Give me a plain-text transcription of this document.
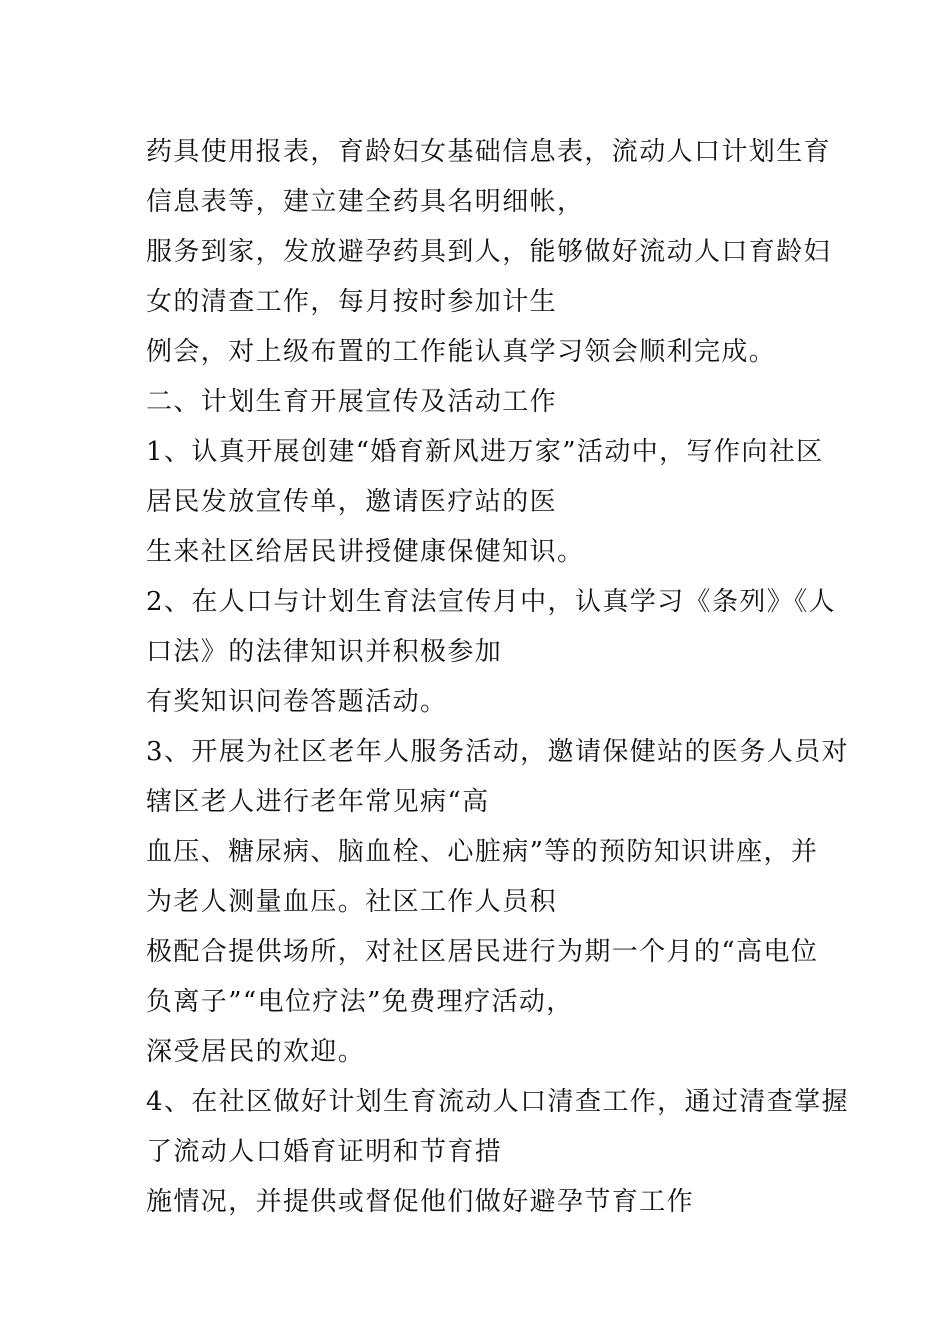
药具使用报表，育龄妇女基础信息表，流动人口计划生育
信息表等，建立建全药具名明细帐，
服务到家，发放避孕药具到人，能够做好流动人口育龄妇
女的清查工作，每月按时参加计生
例会，对上级布置的工作能认真学习领会顺利完成。
二、计划生育开展宣传及活动工作
1、认真开展创建“婚育新风进万家”活动中，写作向社区
居民发放宣传单，邀请医疗站的医
生来社区给居民讲授健康保健知识。
2、在人口与计划生育法宣传月中，认真学习《条列》《人
口法》的法律知识并积极参加
有奖知识问卷答题活动。
3、开展为社区老年人服务活动，邀请保健站的医务人员对
辖区老人进行老年常见病“高
血压、糖尿病、脑血栓、心脏病”等的预防知识讲座，并
为老人测量血压。社区工作人员积
极配合提供场所，对社区居民进行为期一个月的“高电位
负离子”“电位疗法”免费理疗活动，
深受居民的欢迎。
4、在社区做好计划生育流动人口清查工作，通过清查掌握
了流动人口婚育证明和节育措
施情况，并提供或督促他们做好避孕节育工作
